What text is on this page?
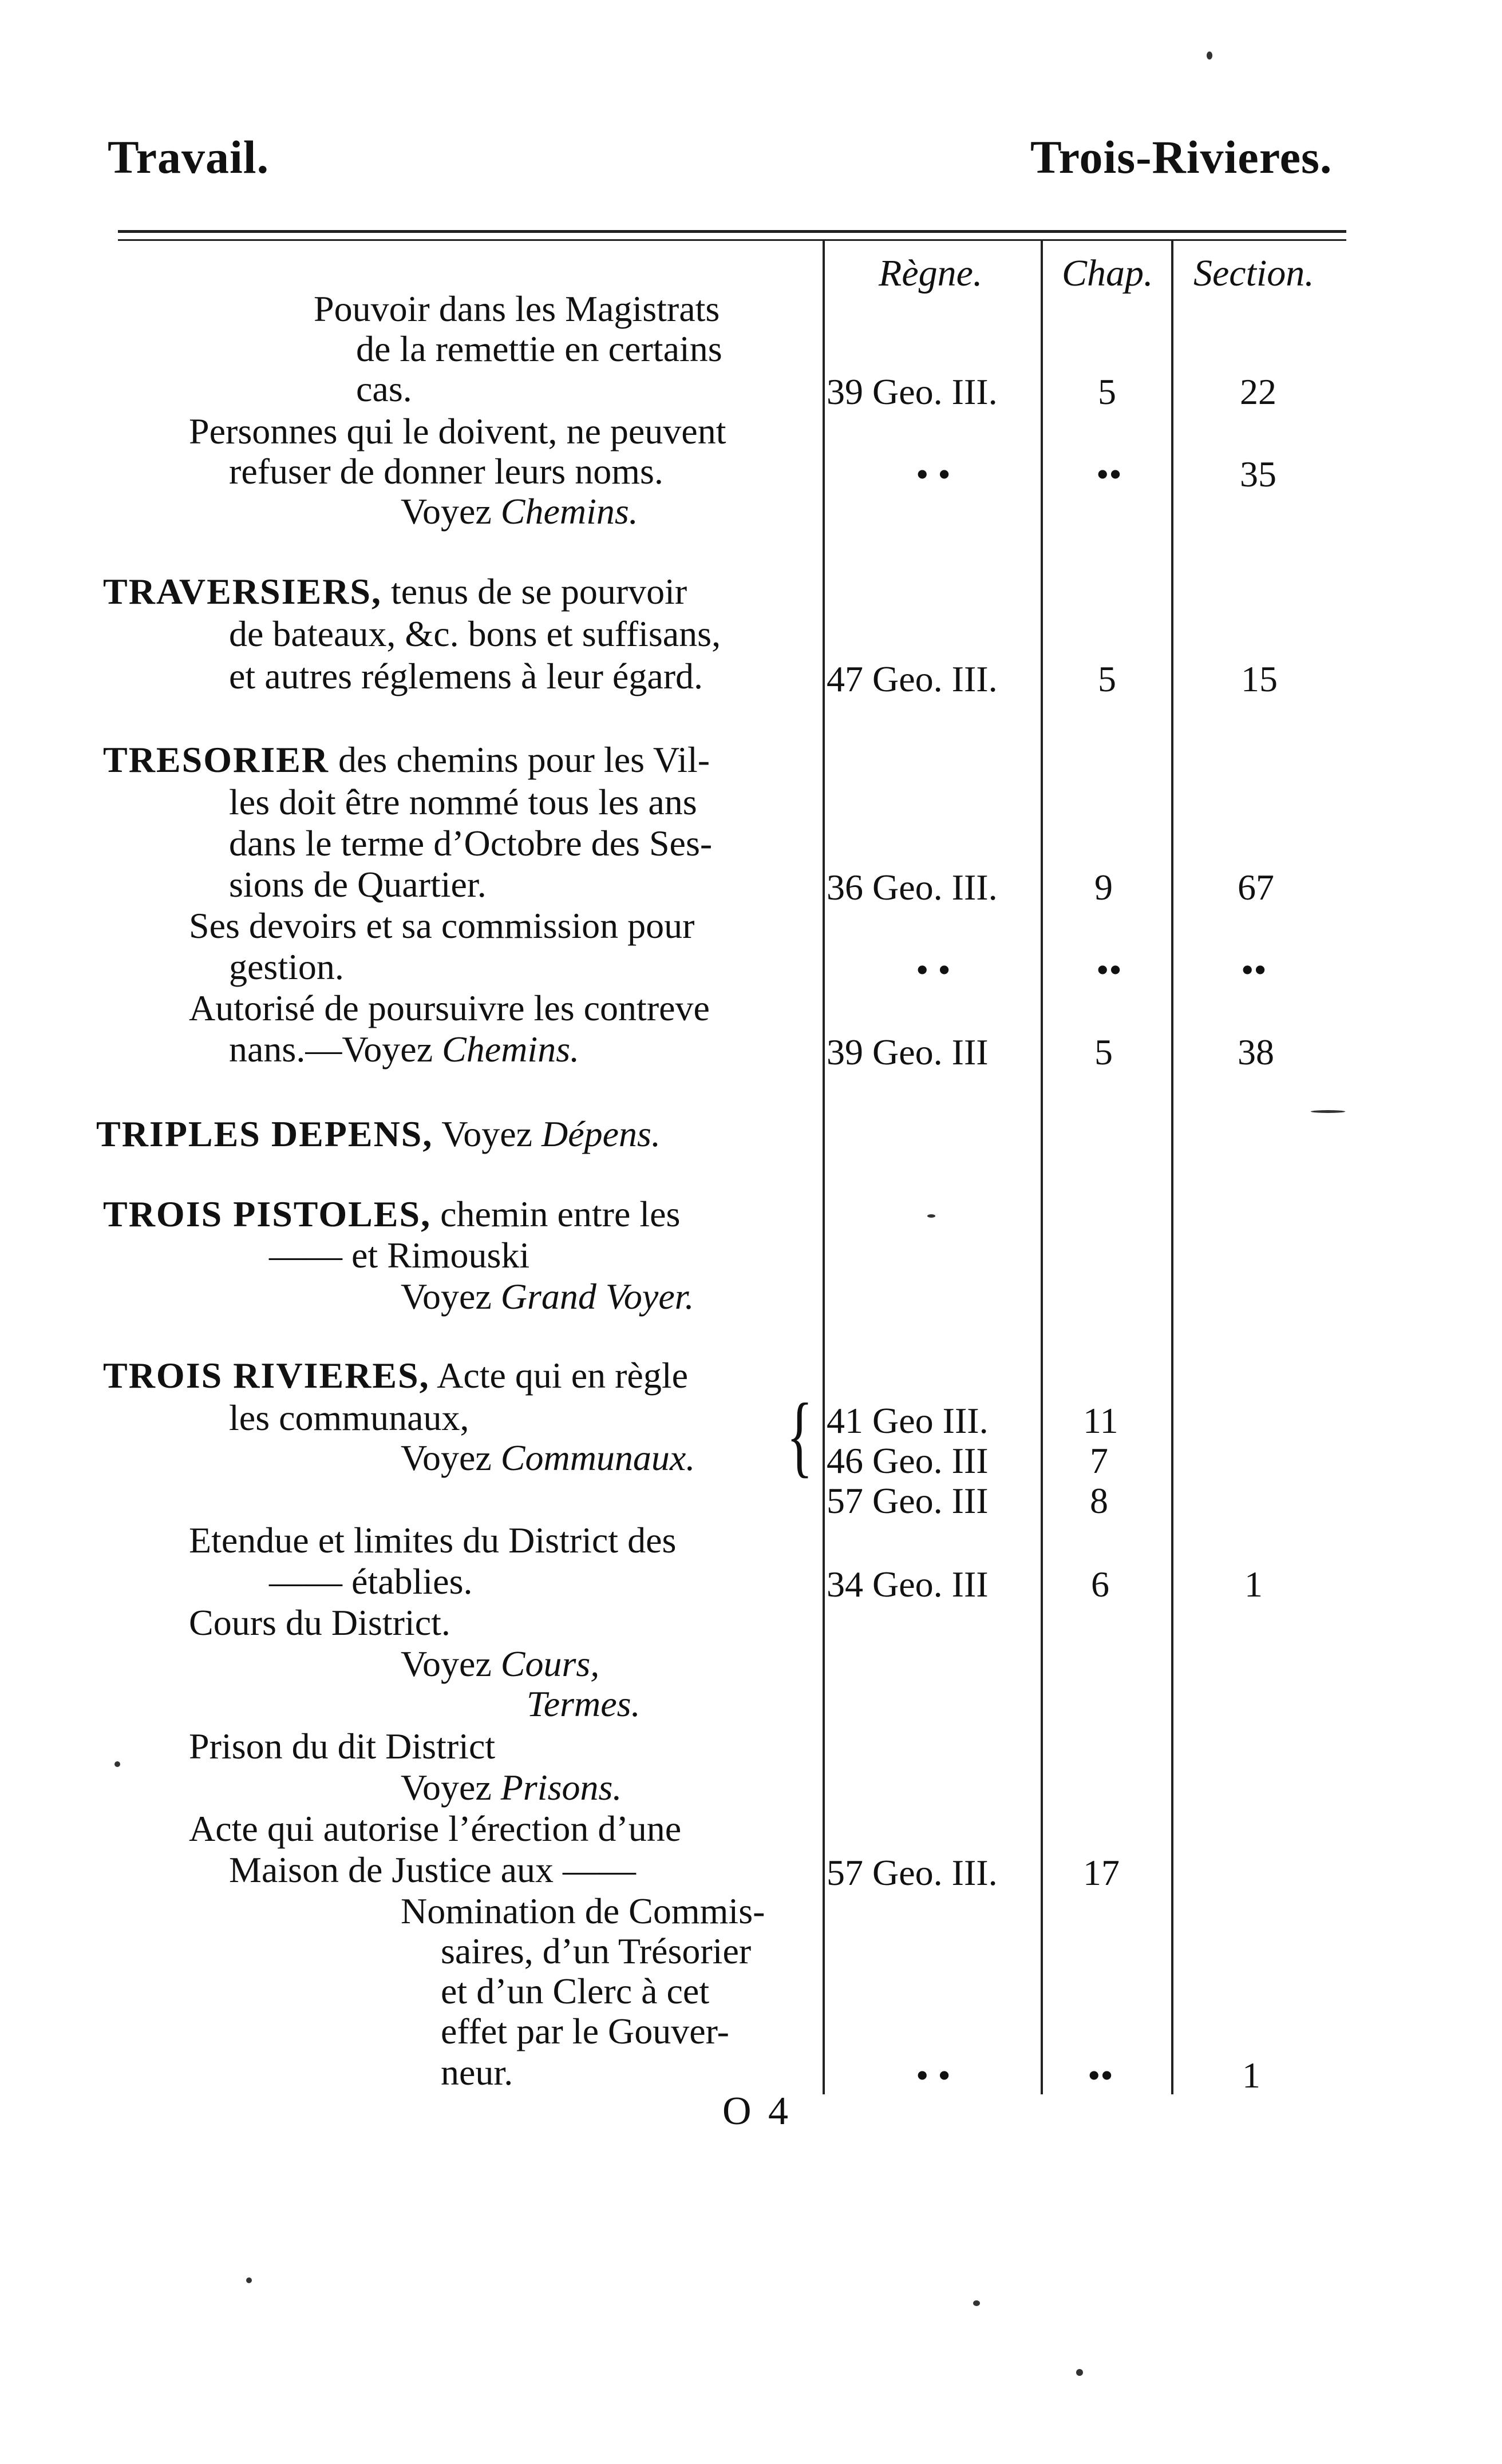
Travail.	Trois-Rivieres.
Règne. Chap. Section.
Pouvoir dans les Magistrats
de la remettie en certains
cas.	39 Geo. III.	5	22
Personnes qui le doivent, ne peuvent
refuser de donner leurs noms.
Voyez Chemins.
• •	••	35
TRAVERSIERS, tenus de se pourvoir
de bateaux, &c. bons et suffisans,
et autres réglemens à leur égard.	47 Geo. III.	5	15
TRESORIER des chemins pour les Vil-
les doit être nommé tous les ans
dans le terme d’Octobre des Ses-
sions de Quartier.	36 Geo. III.	9	67
Ses devoirs et sa commission pour
gestion.	• •	••	••
Autorisé de poursuivre les contreve
nans.—Voyez Chemins.	39 Geo. III	5	38
TRIPLES DEPENS, Voyez Dépens.
TROIS PISTOLES, chemin entre les
—— et Rimouski
Voyez Grand Voyer.
TROIS RIVIERES, Acte qui en règle
les communaux,
Voyez Communaux. { 41 Geo III.	11
46 Geo. III	7
57 Geo. III	8
Etendue et limites du District des
—— établies.	34 Geo. III	6	1
Cours du District.
Voyez Cours,
Termes.
Prison du dit District
Voyez Prisons.
Acte qui autorise l’érection d’une
Maison de Justice aux ——	57 Geo. III. 17
Nomination de Commis-
saires, d’un Trésorier
et d’un Clerc à cet
effet par le Gouver-
neur.	• •	••	1
O 4
